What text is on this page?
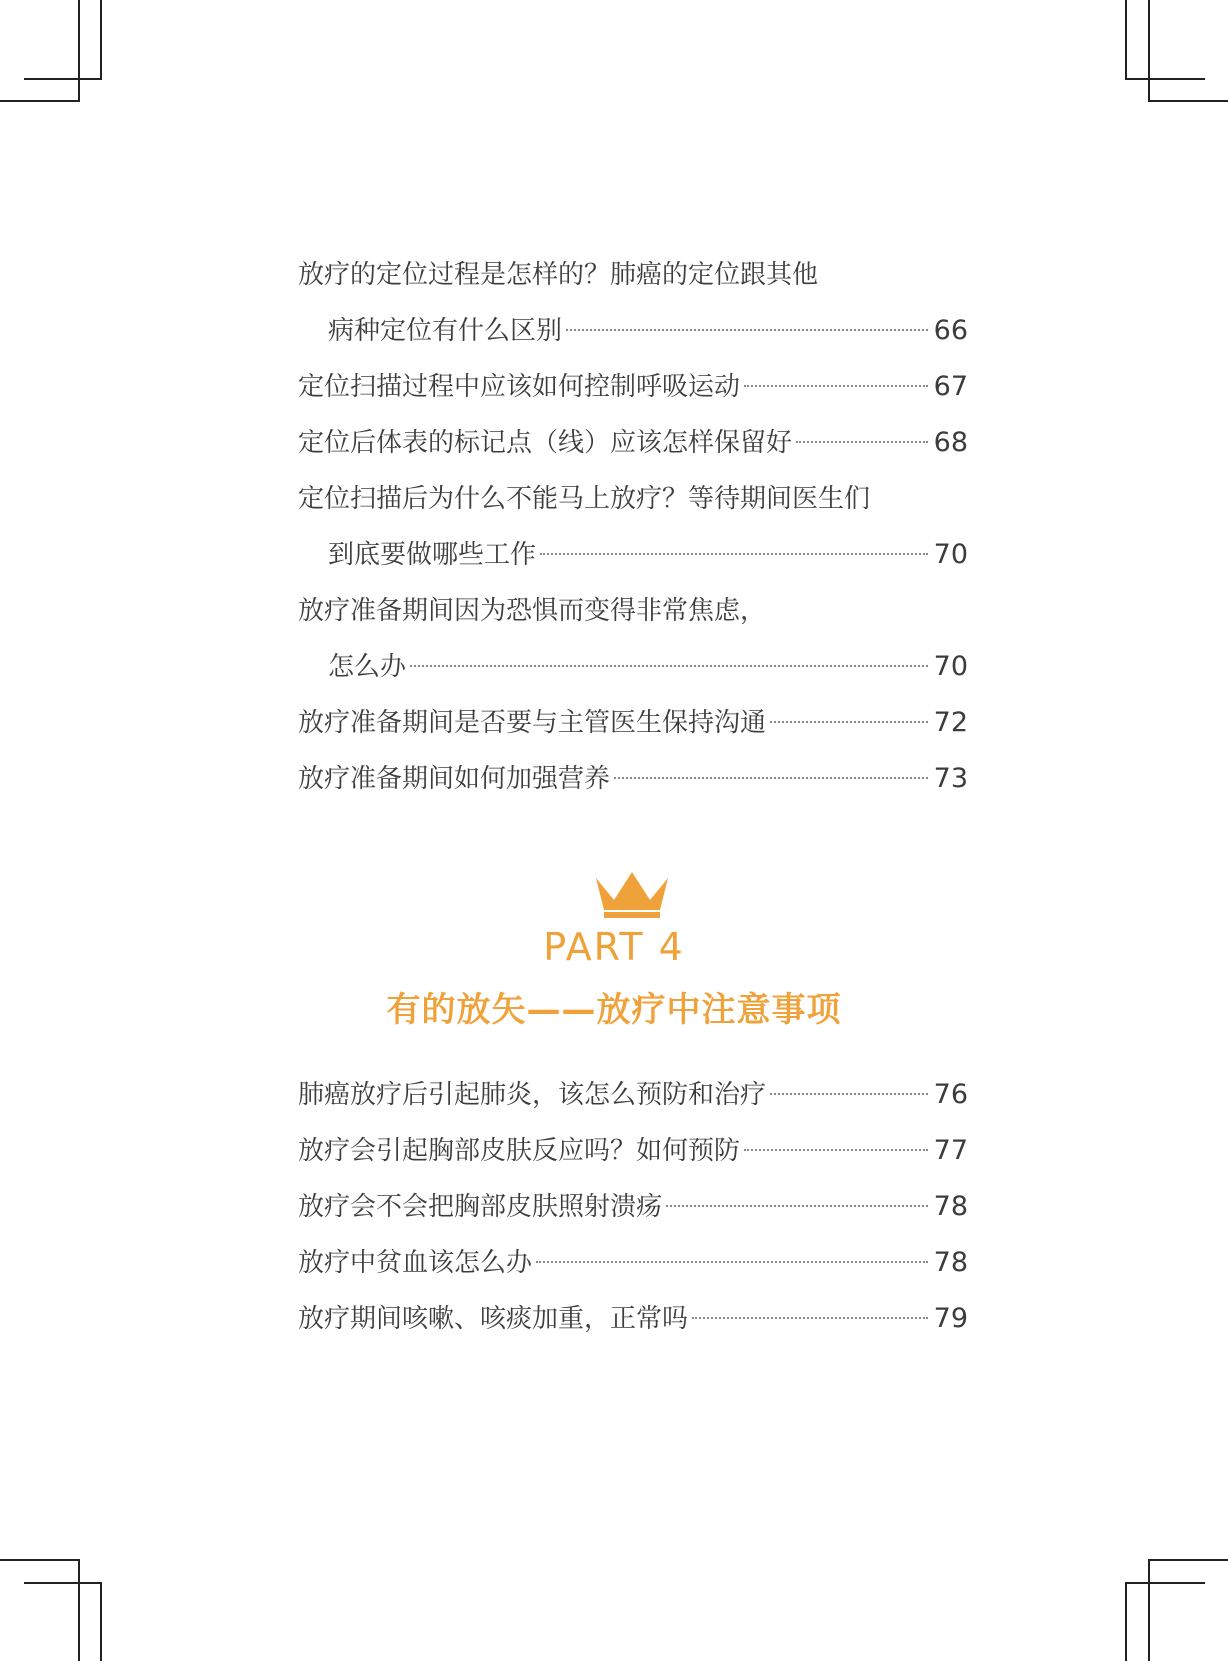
放疗的定位过程是怎样的？肺癌的定位跟其他
病种定位有什么区别	66
定位扫描过程中应该如何控制呼吸运动	67
定位后体表的标记点（线）应该怎样保留好	68
定位扫描后为什么不能马上放疗？等待期间医生们
到底要做哪些工作	70
放疗准备期间因为恐惧而变得非常焦虑，
怎么办	70
放疗准备期间是否要与主管医生保持沟通	72
放疗准备期间如何加强营养	73
PART 4
有的放矢——放疗中注意事项
肺癌放疗后引起肺炎，该怎么预防和治疗	76
放疗会引起胸部皮肤反应吗？如何预防	77
放疗会不会把胸部皮肤照射溃疡	78
放疗中贫血该怎么办	78
放疗期间咳嗽、咳痰加重，正常吗	79
